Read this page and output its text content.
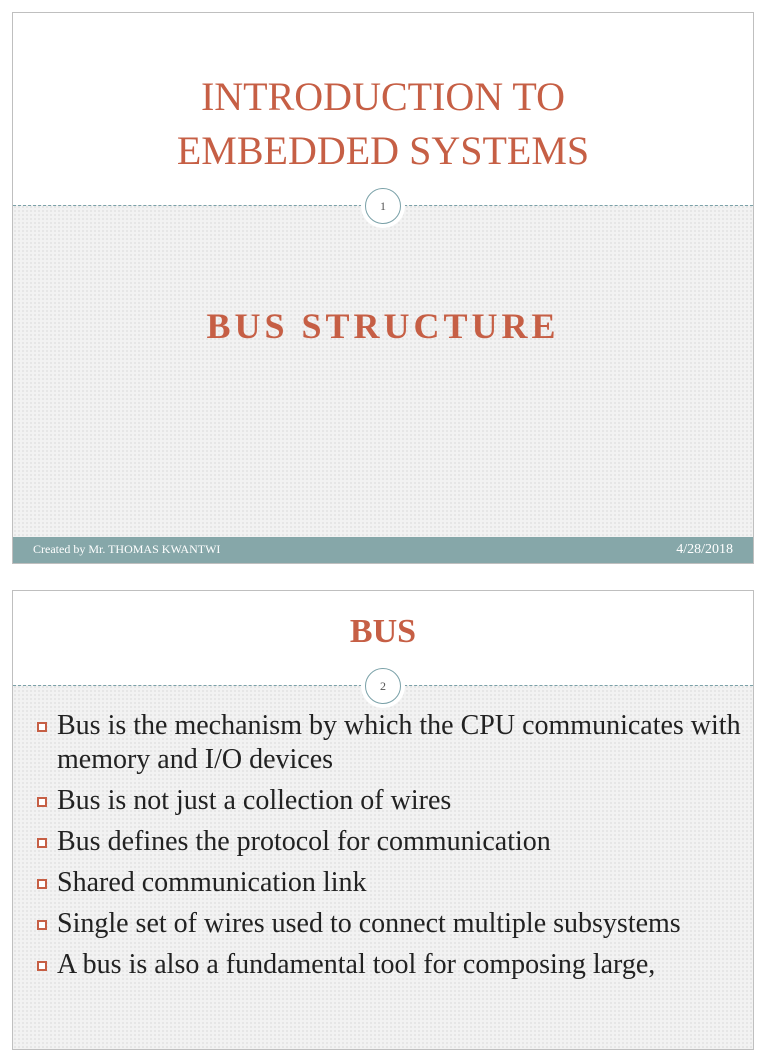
1
INTRODUCTION TO
EMBEDDED SYSTEMS
BUS STRUCTURE
Created by Mr. THOMAS KWANTWI	4/28/2018
2
BUS
Bus is the mechanism by which the CPU communicates with memory and I/O devices
Bus is not just a collection of wires
Bus defines the protocol for communication
Shared communication link
Single set of wires used to connect multiple subsystems
A bus is also a fundamental tool for composing large,
